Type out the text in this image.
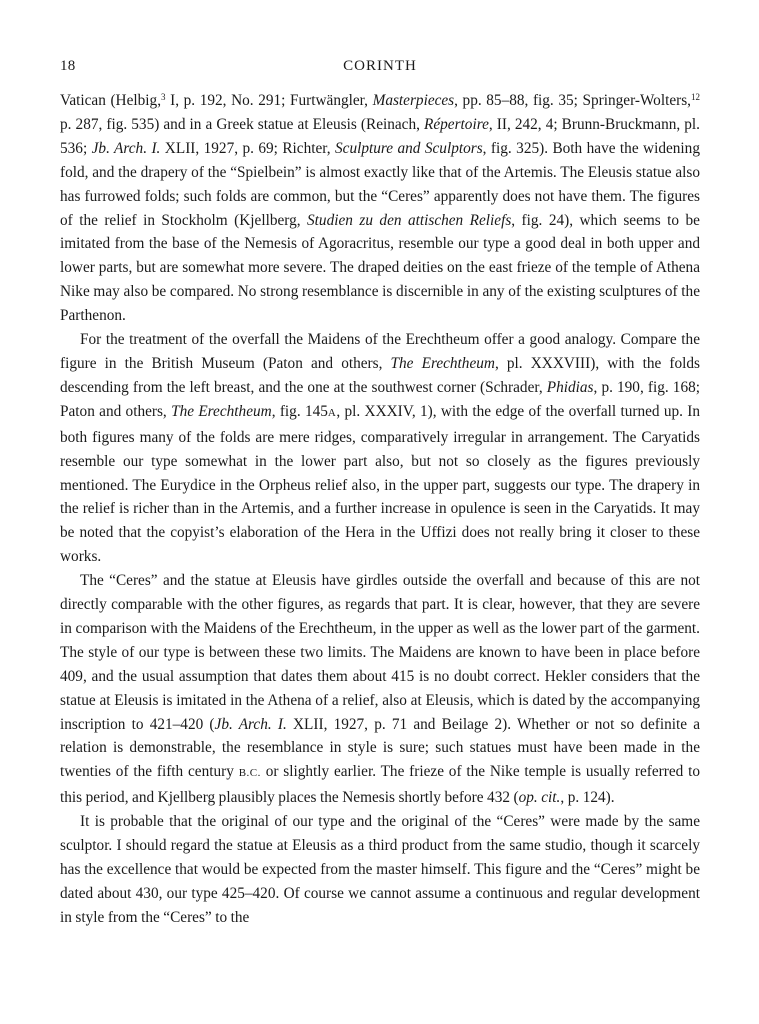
18	CORINTH

Vatican (Helbig,$^3$ I, p. 192, No. 291; Furtwängler, Masterpieces, pp. 85–88, fig. 35; Springer-Wolters,$^{12}$ p. 287, fig. 535) and in a Greek statue at Eleusis (Reinach, Répertoire, II, 242, 4; Brunn-Bruckmann, pl. 536; Jb. Arch. I. XLII, 1927, p. 69; Richter, Sculpture and Sculptors, fig. 325). Both have the widening fold, and the drapery of the “Spielbein” is almost exactly like that of the Artemis. The Eleusis statue also has furrowed folds; such folds are common, but the “Ceres” apparently does not have them. The figures of the relief in Stockholm (Kjellberg, Studien zu den attischen Reliefs, fig. 24), which seems to be imitated from the base of the Nemesis of Agoracritus, resemble our type a good deal in both upper and lower parts, but are somewhat more severe. The draped deities on the east frieze of the temple of Athena Nike may also be compared. No strong resemblance is discernible in any of the existing sculptures of the Parthenon.

For the treatment of the overfall the Maidens of the Erechtheum offer a good analogy. Compare the figure in the British Museum (Paton and others, The Erechtheum, pl. XXXVIII), with the folds descending from the left breast, and the one at the southwest corner (Schrader, Phidias, p. 190, fig. 168; Paton and others, The Erechtheum, fig. 145A, pl. XXXIV, 1), with the edge of the overfall turned up. In both figures many of the folds are mere ridges, comparatively irregular in arrangement. The Caryatids resemble our type somewhat in the lower part also, but not so closely as the figures previously mentioned. The Eurydice in the Orpheus relief also, in the upper part, suggests our type. The drapery in the relief is richer than in the Artemis, and a further increase in opulence is seen in the Caryatids. It may be noted that the copyist’s elaboration of the Hera in the Uffizi does not really bring it closer to these works.

The “Ceres” and the statue at Eleusis have girdles outside the overfall and because of this are not directly comparable with the other figures, as regards that part. It is clear, however, that they are severe in comparison with the Maidens of the Erechtheum, in the upper as well as the lower part of the garment. The style of our type is between these two limits. The Maidens are known to have been in place before 409, and the usual assumption that dates them about 415 is no doubt correct. Hekler considers that the statue at Eleusis is imitated in the Athena of a relief, also at Eleusis, which is dated by the accompanying inscription to 421–420 (Jb. Arch. I. XLII, 1927, p. 71 and Beilage 2). Whether or not so definite a relation is demonstrable, the resemblance in style is sure; such statues must have been made in the twenties of the fifth century B.C. or slightly earlier. The frieze of the Nike temple is usually referred to this period, and Kjellberg plausibly places the Nemesis shortly before 432 (op. cit., p. 124).

It is probable that the original of our type and the original of the “Ceres” were made by the same sculptor. I should regard the statue at Eleusis as a third product from the same studio, though it scarcely has the excellence that would be expected from the master himself. This figure and the “Ceres” might be dated about 430, our type 425–420. Of course we cannot assume a continuous and regular development in style from the “Ceres” to the
